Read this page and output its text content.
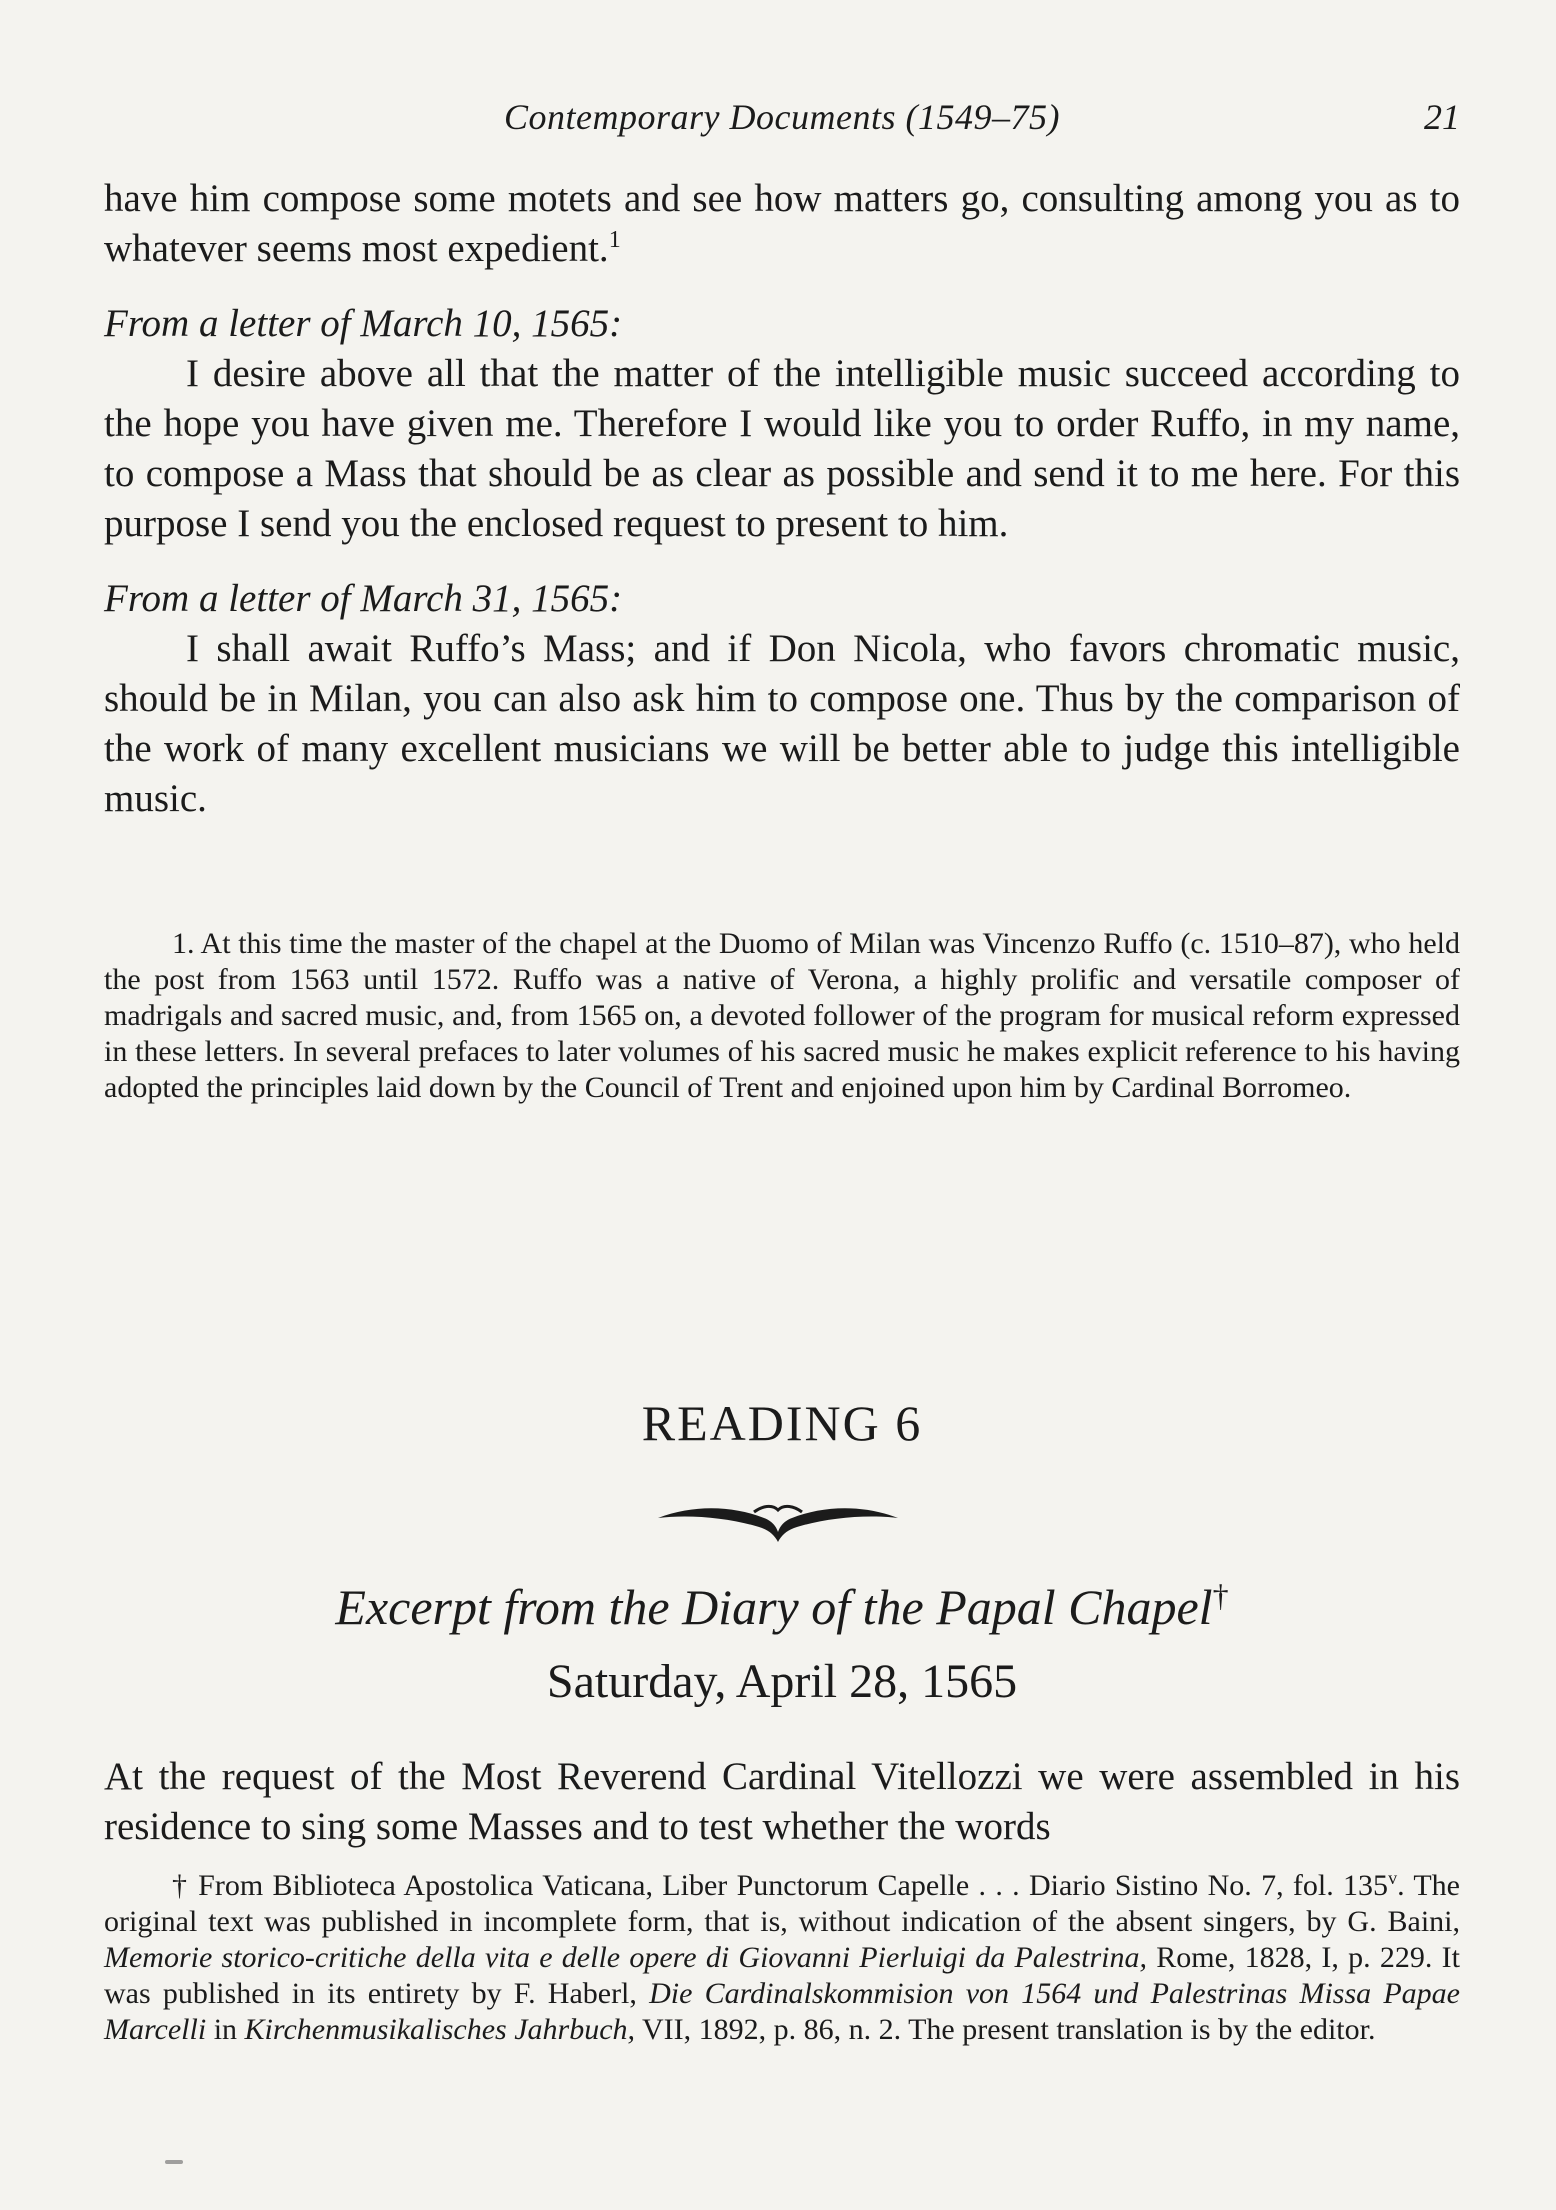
Contemporary Documents (1549–75)	21

have him compose some motets and see how matters go, consulting among you as to whatever seems most expedient.$^1$

From a letter of March 10, 1565:

I desire above all that the matter of the intelligible music succeed according to the hope you have given me. Therefore I would like you to order Ruffo, in my name, to compose a Mass that should be as clear as possible and send it to me here. For this purpose I send you the enclosed request to present to him.

From a letter of March 31, 1565:

I shall await Ruffo’s Mass; and if Don Nicola, who favors chromatic music, should be in Milan, you can also ask him to compose one. Thus by the comparison of the work of many excellent musicians we will be better able to judge this intelligible music.

1. At this time the master of the chapel at the Duomo of Milan was Vincenzo Ruffo (c. 1510–87), who held the post from 1563 until 1572. Ruffo was a native of Verona, a highly prolific and versatile composer of madrigals and sacred music, and, from 1565 on, a devoted follower of the program for musical reform expressed in these letters. In several prefaces to later volumes of his sacred music he makes explicit reference to his having adopted the principles laid down by the Council of Trent and enjoined upon him by Cardinal Borromeo.

READING 6
Excerpt from the Diary of the Papal Chapel†
Saturday, April 28, 1565

At the request of the Most Reverend Cardinal Vitellozzi we were assembled in his residence to sing some Masses and to test whether the words

† From Biblioteca Apostolica Vaticana, Liber Punctorum Capelle . . . Diario Sistino No. 7, fol. 135$^v$. The original text was published in incomplete form, that is, without indication of the absent singers, by G. Baini, Memorie storico-critiche della vita e delle opere di Giovanni Pierluigi da Palestrina, Rome, 1828, I, p. 229. It was published in its entirety by F. Haberl, Die Cardinalskommision von 1564 und Palestrinas Missa Papae Marcelli in Kirchenmusikalisches Jahrbuch, VII, 1892, p. 86, n. 2. The present translation is by the editor.
